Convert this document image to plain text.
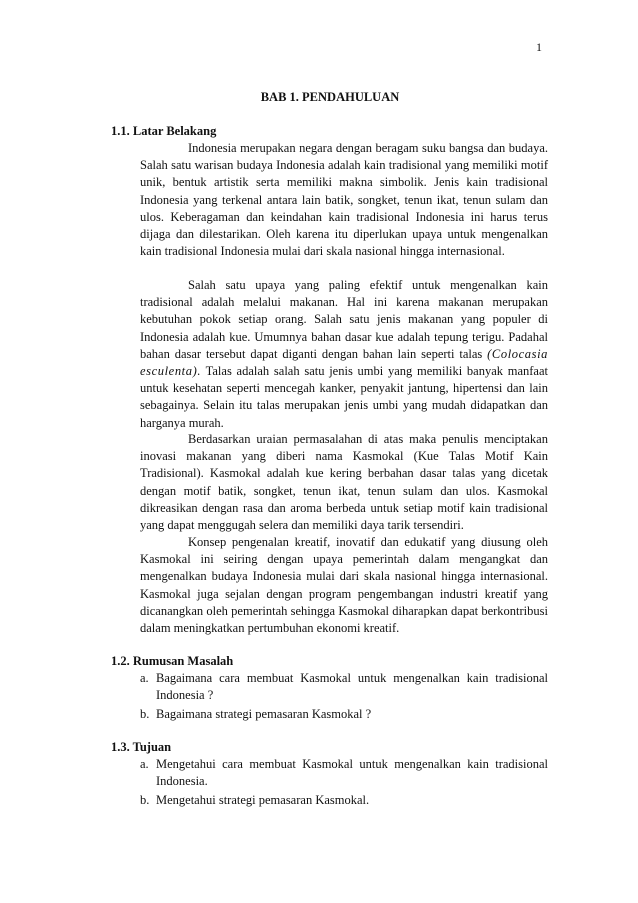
1
BAB 1. PENDAHULUAN
1.1. Latar Belakang

Indonesia merupakan negara dengan beragam suku bangsa dan budaya. Salah satu warisan budaya Indonesia adalah kain tradisional yang memiliki motif unik, bentuk artistik serta memiliki makna simbolik. Jenis kain tradisional Indonesia yang terkenal antara lain batik, songket, tenun ikat, tenun sulam dan ulos. Keberagaman dan keindahan kain tradisional Indonesia ini harus terus dijaga dan dilestarikan. Oleh karena itu diperlukan upaya untuk mengenalkan kain tradisional Indonesia mulai dari skala nasional hingga internasional.

Salah satu upaya yang paling efektif untuk mengenalkan kain tradisional adalah melalui makanan. Hal ini karena makanan merupakan kebutuhan pokok setiap orang. Salah satu jenis makanan yang populer di Indonesia adalah kue. Umumnya bahan dasar kue adalah tepung terigu. Padahal bahan dasar tersebut dapat diganti dengan bahan lain seperti talas (Colocasia esculenta). Talas adalah salah satu jenis umbi yang memiliki banyak manfaat untuk kesehatan seperti mencegah kanker, penyakit jantung, hipertensi dan lain sebagainya. Selain itu talas merupakan jenis umbi yang mudah didapatkan dan harganya murah.

Berdasarkan uraian permasalahan di atas maka penulis menciptakan inovasi makanan yang diberi nama Kasmokal (Kue Talas Motif Kain Tradisional). Kasmokal adalah kue kering berbahan dasar talas yang dicetak dengan motif batik, songket, tenun ikat, tenun sulam dan ulos. Kasmokal dikreasikan dengan rasa dan aroma berbeda untuk setiap motif kain tradisional yang dapat menggugah selera dan memiliki daya tarik tersendiri.

Konsep pengenalan kreatif, inovatif dan edukatif yang diusung oleh Kasmokal ini seiring dengan upaya pemerintah dalam mengangkat dan mengenalkan budaya Indonesia mulai dari skala nasional hingga internasional. Kasmokal juga sejalan dengan program pengembangan industri kreatif yang dicanangkan oleh pemerintah sehingga Kasmokal diharapkan dapat berkontribusi dalam meningkatkan pertumbuhan ekonomi kreatif.

1.2. Rumusan Masalah
a. Bagaimana cara membuat Kasmokal untuk mengenalkan kain tradisional Indonesia ?
b. Bagaimana strategi pemasaran Kasmokal ?
1.3. Tujuan
a. Mengetahui cara membuat Kasmokal untuk mengenalkan kain tradisional Indonesia.
b. Mengetahui strategi pemasaran Kasmokal.
